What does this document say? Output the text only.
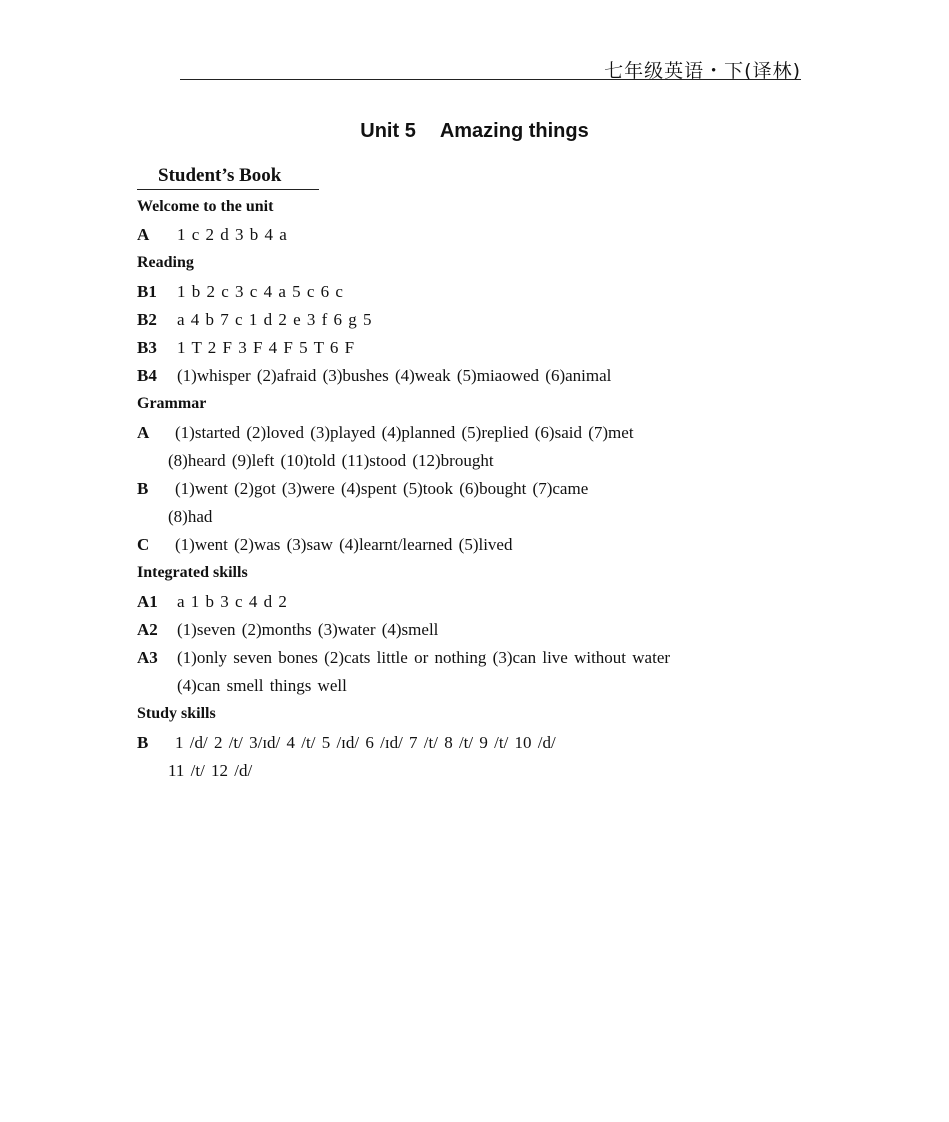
七年级英语・下(译林)
Unit 5 Amazing things
Student’s Book
Welcome to the unit
A 1 c 2 d 3 b 4 a
Reading
B1 1 b 2 c 3 c 4 a 5 c 6 c
B2 a 4 b 7 c 1 d 2 e 3 f 6 g 5
B3 1 T 2 F 3 F 4 F 5 T 6 F
B4 (1)whisper (2)afraid (3)bushes (4)weak (5)miaowed (6)animal
Grammar
A (1)started (2)loved (3)played (4)planned (5)replied (6)said (7)met
(8)heard (9)left (10)told (11)stood (12)brought
B (1)went (2)got (3)were (4)spent (5)took (6)bought (7)came
(8)had
C (1)went (2)was (3)saw (4)learnt/learned (5)lived
Integrated skills
A1 a 1 b 3 c 4 d 2
A2 (1)seven (2)months (3)water (4)smell
A3 (1)only seven bones (2)cats little or nothing (3)can live without water
(4)can smell things well
Study skills
B 1 /d/ 2 /t/ 3/ɪd/ 4 /t/ 5 /ɪd/ 6 /ɪd/ 7 /t/ 8 /t/ 9 /t/ 10 /d/
11 /t/ 12 /d/
